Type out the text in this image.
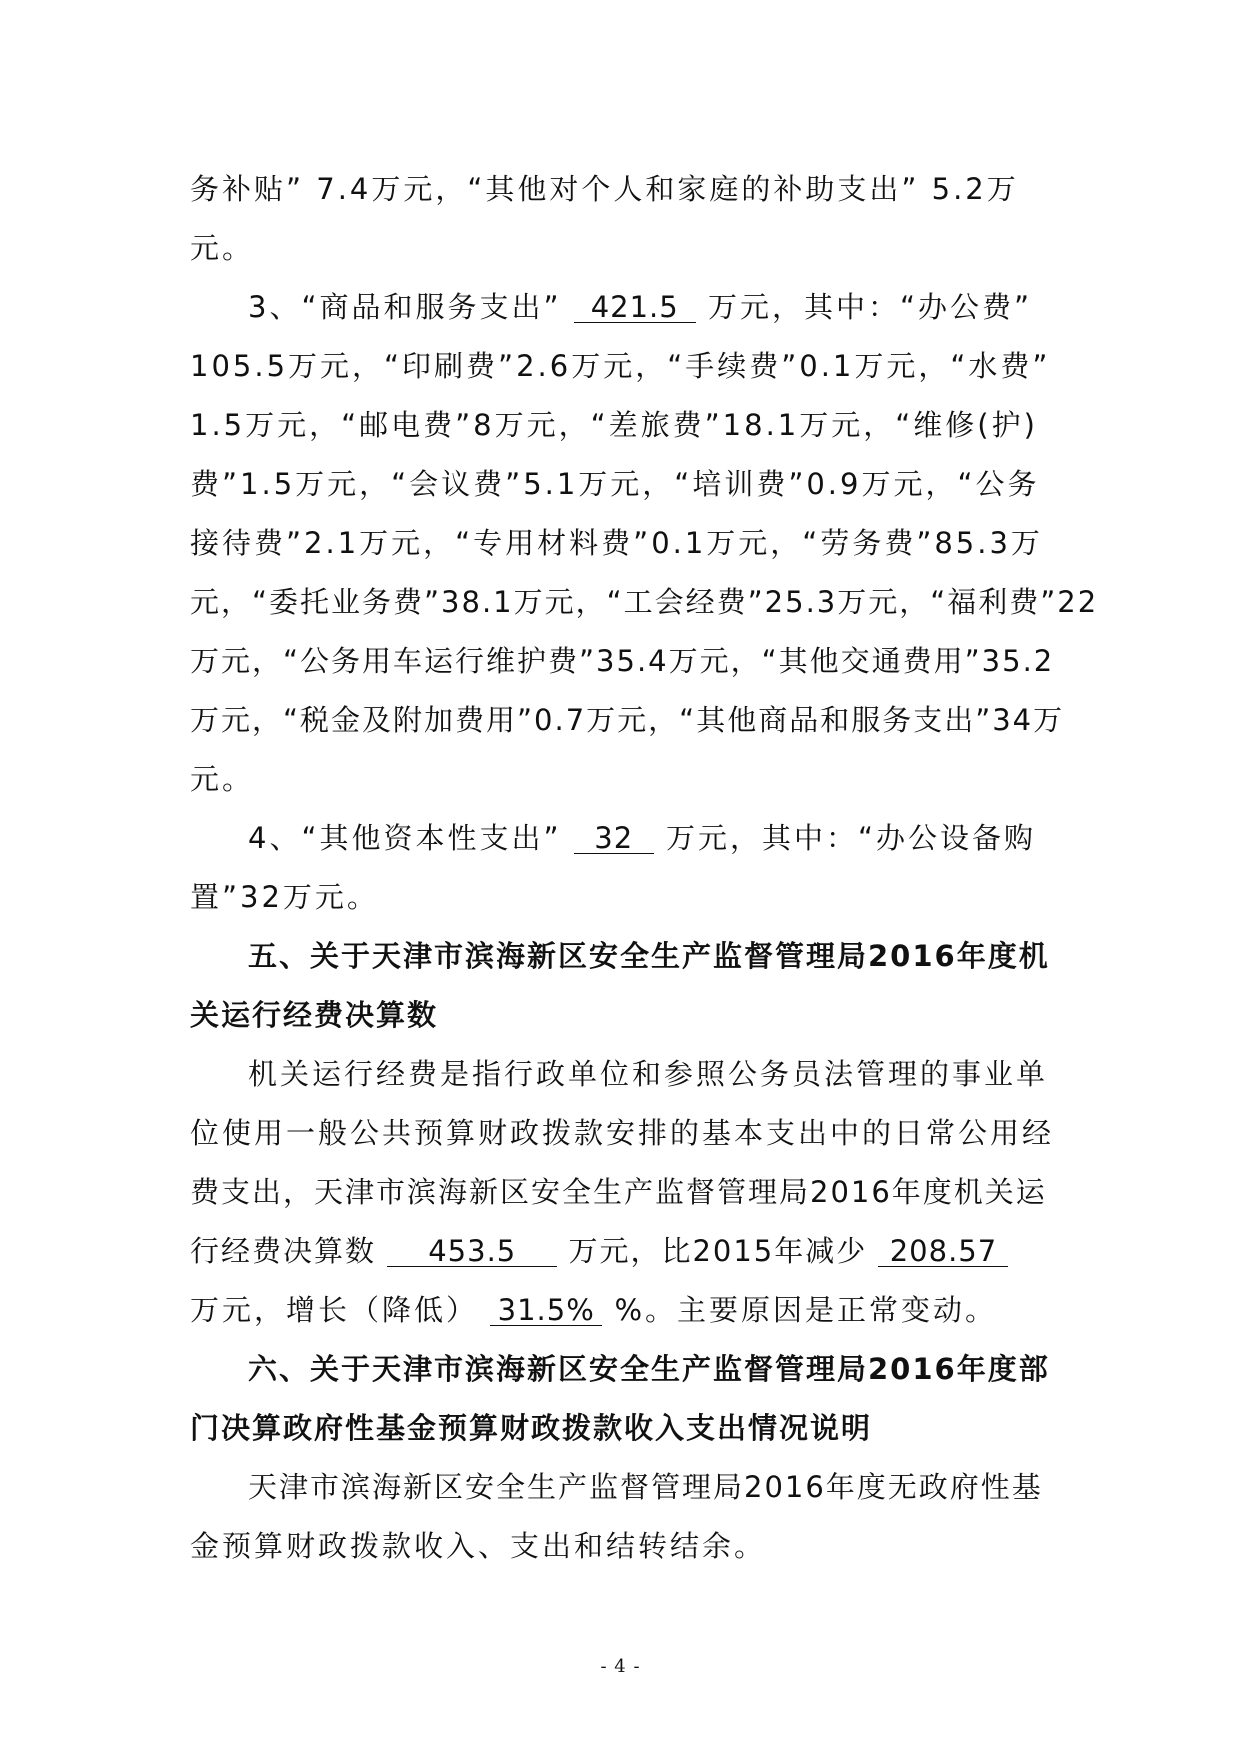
务补贴” 7.4万元，“其他对个人和家庭的补助支出” 5.2万
元。
3、“商品和服务支出” 421.5 万元，其中：“办公费”
105.5万元，“印刷费”2.6万元，“手续费”0.1万元，“水费”
1.5万元，“邮电费”8万元，“差旅费”18.1万元，“维修(护)
费”1.5万元，“会议费”5.1万元，“培训费”0.9万元，“公务
接待费”2.1万元，“专用材料费”0.1万元，“劳务费”85.3万
元，“委托业务费”38.1万元，“工会经费”25.3万元，“福利费”22
万元，“公务用车运行维护费”35.4万元，“其他交通费用”35.2
万元，“税金及附加费用”0.7万元，“其他商品和服务支出”34万
元。
4、“其他资本性支出” 32 万元，其中：“办公设备购
置”32万元。
五、关于天津市滨海新区安全生产监督管理局2016年度机
关运行经费决算数
机关运行经费是指行政单位和参照公务员法管理的事业单
位使用一般公共预算财政拨款安排的基本支出中的日常公用经
费支出，天津市滨海新区安全生产监督管理局2016年度机关运
行经费决算数 453.5 万元，比2015年减少 208.57
万元，增长（降低） 31.5% %。主要原因是正常变动。
六、关于天津市滨海新区安全生产监督管理局2016年度部
门决算政府性基金预算财政拨款收入支出情况说明
天津市滨海新区安全生产监督管理局2016年度无政府性基
金预算财政拨款收入、支出和结转结余。
- 4 -
